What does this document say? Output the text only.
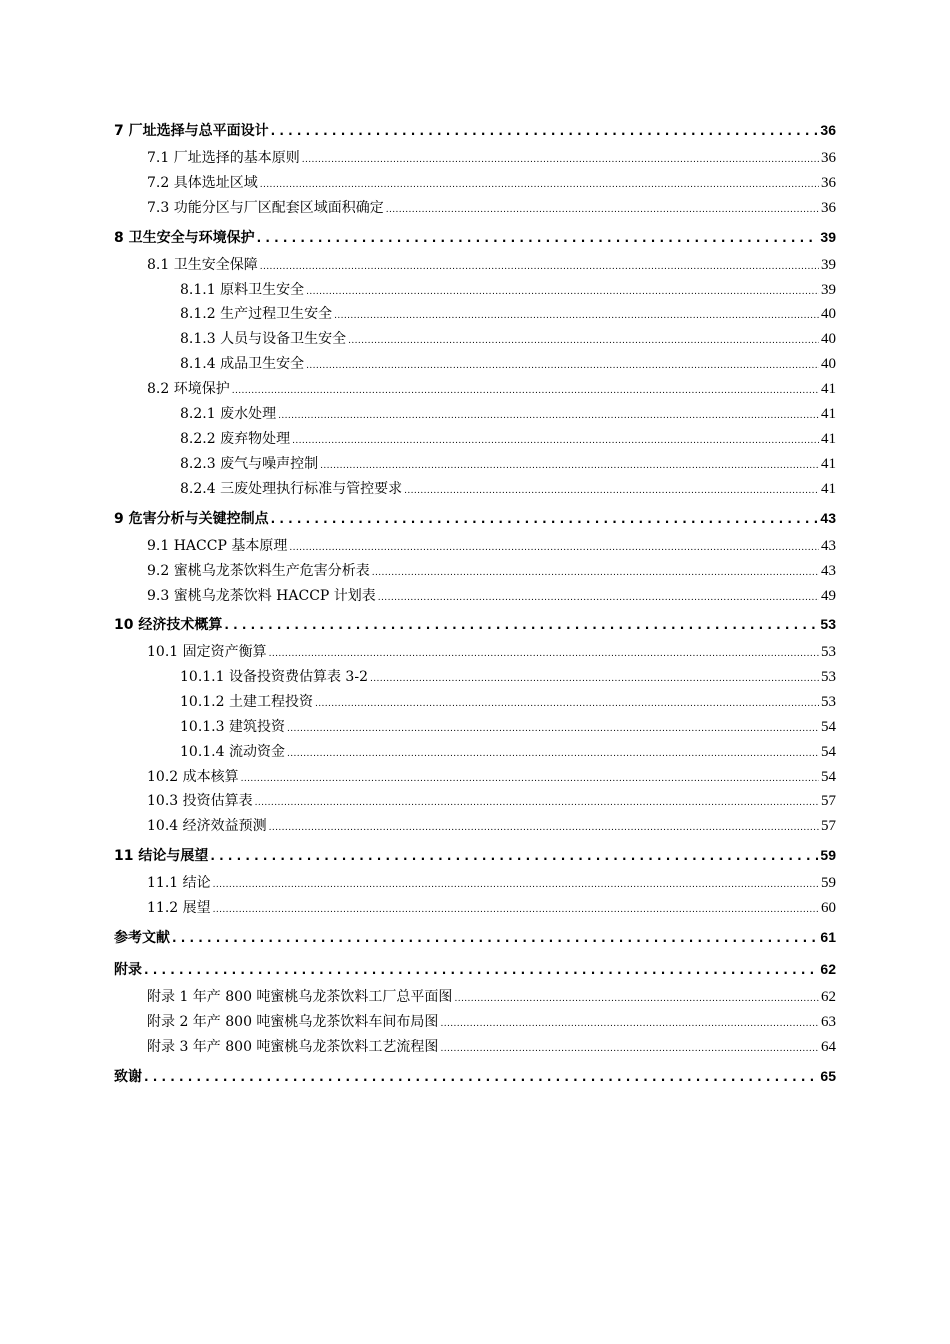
7 厂址选择与总平面设计 .....	36
7.1 厂址选择的基本原则 .....	36
7.2 具体选址区域 .....	36
7.3 功能分区与厂区配套区域面积确定 .....	36
8 卫生安全与环境保护 .....	39
8.1 卫生安全保障 .....	39
8.1.1 原料卫生安全 .....	39
8.1.2 生产过程卫生安全 .....	40
8.1.3 人员与设备卫生安全 .....	40
8.1.4 成品卫生安全 .....	40
8.2 环境保护 .....	41
8.2.1 废水处理 .....	41
8.2.2 废弃物处理 .....	41
8.2.3 废气与噪声控制 .....	41
8.2.4 三废处理执行标准与管控要求 .....	41
9 危害分析与关键控制点 .....	43
9.1 HACCP 基本原理 .....	43
9.2 蜜桃乌龙茶饮料生产危害分析表 .....	43
9.3 蜜桃乌龙茶饮料 HACCP 计划表 .....	49
10 经济技术概算 .....	53
10.1 固定资产衡算 .....	53
10.1.1 设备投资费估算表 3-2 .....	53
10.1.2 土建工程投资 .....	53
10.1.3 建筑投资 .....	54
10.1.4 流动资金 .....	54
10.2 成本核算 .....	54
10.3 投资估算表 .....	57
10.4 经济效益预测 .....	57
11 结论与展望 .....	59
11.1 结论 .....	59
11.2 展望 .....	60
参考文献 .....	61
附录 .....	62
附录 1 年产 800 吨蜜桃乌龙茶饮料工厂总平面图 .....	62
附录 2 年产 800 吨蜜桃乌龙茶饮料车间布局图 .....	63
附录 3 年产 800 吨蜜桃乌龙茶饮料工艺流程图 .....	64
致谢 .....	65
